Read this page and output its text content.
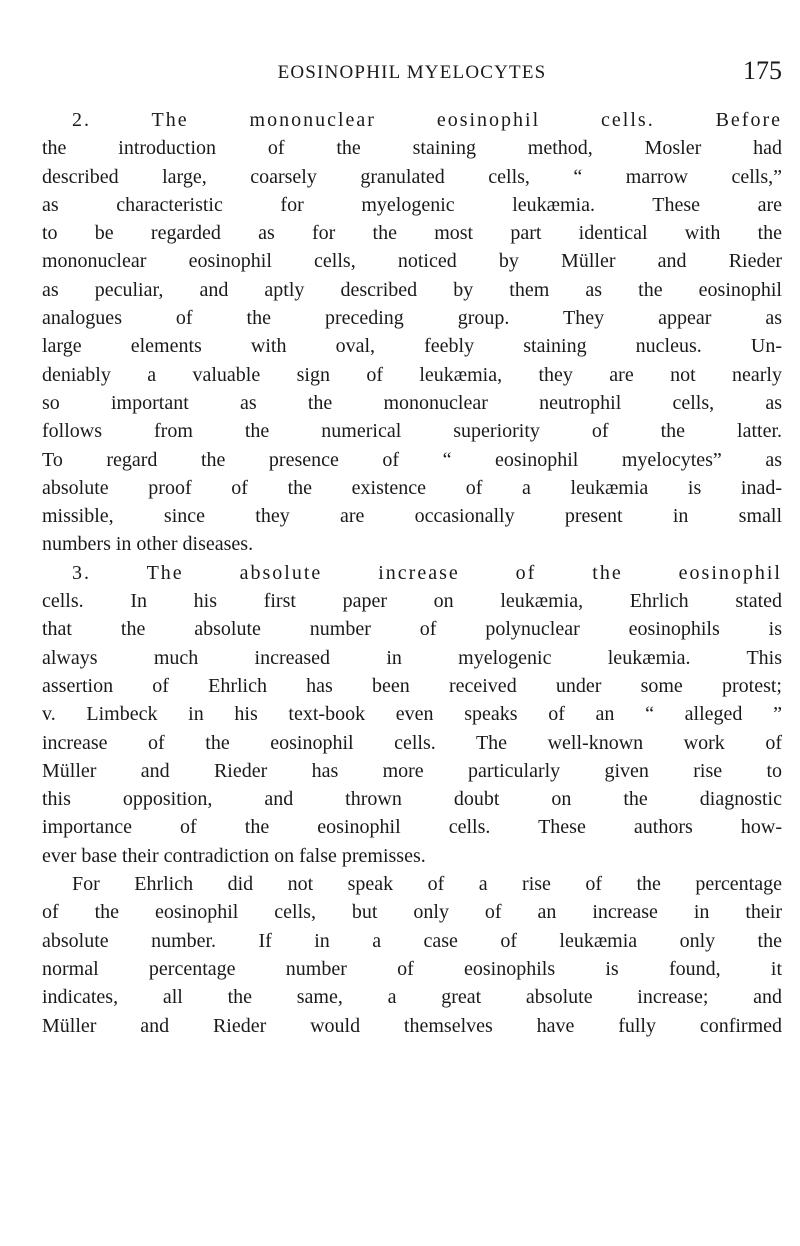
EOSINOPHIL MYELOCYTES	175
2. The mononuclear eosinophil cells. Before
the introduction of the staining method, Mosler had
described large, coarsely granulated cells, “ marrow cells,”
as characteristic for myelogenic leukæmia. These are
to be regarded as for the most part identical with the
mononuclear eosinophil cells, noticed by Müller and Rieder
as peculiar, and aptly described by them as the eosinophil
analogues of the preceding group. They appear as
large elements with oval, feebly staining nucleus. Un-
deniably a valuable sign of leukæmia, they are not nearly
so important as the mononuclear neutrophil cells, as
follows from the numerical superiority of the latter.
To regard the presence of “ eosinophil myelocytes” as
absolute proof of the existence of a leukæmia is inad-
missible, since they are occasionally present in small
numbers in other diseases.
3. The absolute increase of the eosinophil
cells. In his first paper on leukæmia, Ehrlich stated
that the absolute number of polynuclear eosinophils is
always much increased in myelogenic leukæmia. This
assertion of Ehrlich has been received under some protest;
v. Limbeck in his text-book even speaks of an “ alleged ”
increase of the eosinophil cells. The well-known work of
Müller and Rieder has more particularly given rise to
this opposition, and thrown doubt on the diagnostic
importance of the eosinophil cells. These authors how-
ever base their contradiction on false premisses.
For Ehrlich did not speak of a rise of the percentage
of the eosinophil cells, but only of an increase in their
absolute number. If in a case of leukæmia only the
normal percentage number of eosinophils is found, it
indicates, all the same, a great absolute increase; and
Müller and Rieder would themselves have fully confirmed
